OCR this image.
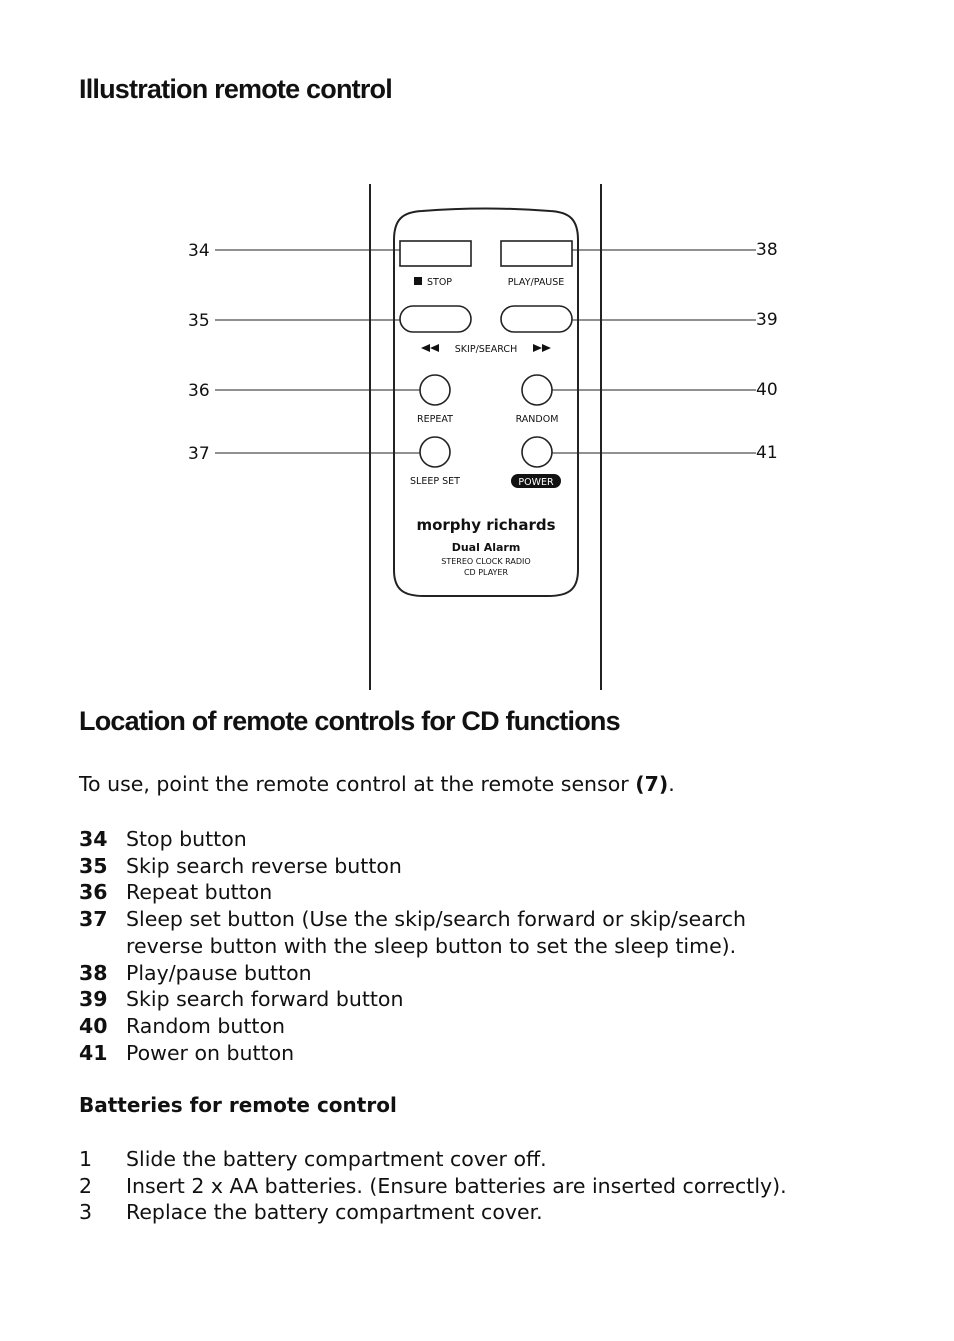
Illustration remote control
STOP	PLAY/PAUSE
SKIP/SEARCH
REPEAT	RANDOM
SLEEP SET	POWER
morphy richards
Dual Alarm
STEREO CLOCK RADIO
CD PLAYER
34
35
36
37
38
39
40
41
Location of remote controls for CD functions

To use, point the remote control at the remote sensor (7).

34 Stop button
35 Skip search reverse button
36 Repeat button
37 Sleep set button (Use the skip/search forward or skip/search reverse button with the sleep button to set the sleep time).
38 Play/pause button
39 Skip search forward button
40 Random button
41 Power on button

Batteries for remote control

1	Slide the battery compartment cover off.
2	Insert 2 x AA batteries. (Ensure batteries are inserted correctly).
3	Replace the battery compartment cover.
